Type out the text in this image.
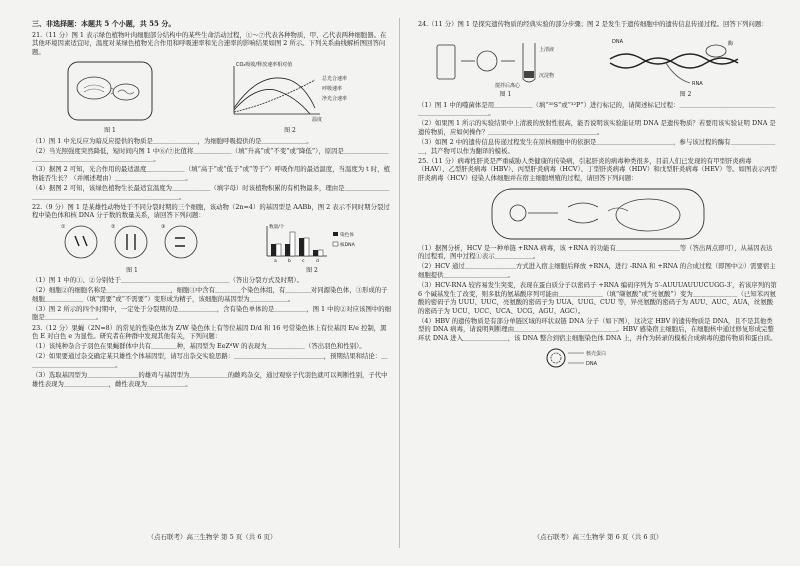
三、非选择题：本题共 5 个小题，共 55 分。

21.（11 分）图 1 表示绿色植物叶肉细胞部分结构中的某些生命活动过程，①～⑦代表各种物质，甲、乙代表两种细胞器。在其他环境因素适宜时，温度对某绿色植物光合作用和呼吸速率和光合速率的影响结果如图 2 所示。下列关系曲线解析图回答问题。

图 1
CO₂吸收/释放速率相对值
总光合速率
呼吸速率
净光合速率
温度
图 2

（1）图 1 中光反应为暗反应提供的物质是＿＿＿＿＿＿＿，为细胞呼吸提供的是＿＿＿＿＿＿＿。

（2）当光照强度突然降低，短时间内图 1 中⑥/⑦比值将＿＿＿＿＿＿（填“升高”或“不变”或“降低”），原因是＿＿＿＿＿＿＿＿＿＿＿＿＿＿＿＿＿＿＿＿＿＿＿＿＿＿。

（3）据图 2 可知，光合作用的最适温度＿＿＿＿＿＿（填“高于”或“低于”或“等于”）呼吸作用的最适温度，当温度为 t 时，植物能否生长？（并阐述理由）＿＿＿＿＿＿＿＿＿＿＿。

（4）据图 2 可知，该绿色植物生长最适宜温度为＿＿＿＿＿＿（填字母）时该植物积累的有机物最多，理由是＿＿＿＿＿＿＿＿＿＿＿＿＿＿＿＿＿＿＿＿＿＿＿＿＿＿＿＿＿＿。

22.（9 分）图 1 是某雄性动物处于不同分裂时期的三个细胞，该动物（2n=4）的基因型是 AABb，图 2 表示不同时期分裂过程中染色体和核 DNA 分子数的数量关系，请回答下列问题：

①	②	③
图 1
数量/个
a b c d
染色体
核DNA
图 2

（1）图 1 中的①、②分别处于＿＿＿＿＿＿＿＿＿＿＿＿＿＿＿＿＿（答出分裂方式及时期）。

（2）细胞②的细胞名称是＿＿＿＿＿＿＿＿＿＿，细胞③中含有＿＿＿＿个染色体组，有＿＿＿＿对同源染色体，③形成的子细胞＿＿＿＿＿＿（填“需要”或“不需要”）变形成为精子，该细胞的基因型为＿＿＿＿＿＿。

（3）图 2 所示的四个时期中，一定处于分裂期的是＿＿＿＿＿＿，含有染色单体的是＿＿＿＿＿，图 1 中的②对应该图中的细胞是＿＿＿＿＿＿＿＿。

23.（12 分）果蝇（2N=8）的常见的性染色体为 Z/W 染色体上有等位基因 D/d 和 16 号常染色体上有位基因 E/e 控制，黑色 E 对白色 e 为显性。研究者在种群中发现其他有关，下列问题：

（1）该纯种杂合子羽色在果蝇群体中共有＿＿＿＿种，基因型为 EeZᵈW 的表现为＿＿＿＿＿＿（答出羽色和性别）。

（2）如果要通过杂交确定某只雄性个体基因型，请写出杂交实验思路：＿＿＿＿＿＿＿＿＿＿＿＿＿＿，预期结果和结论：＿＿＿＿＿＿＿＿＿＿＿＿＿＿。

（3）选取基因型为＿＿＿＿＿＿＿＿的雄鸡与基因型为＿＿＿＿＿＿的雌鸡杂交，通过观察子代羽色就可以判断性别，子代中雄性表现为＿＿＿＿＿＿＿，雌性表现为＿＿＿＿＿＿。

（点石联考）高三生物学 第 5 页（共 6 页）

24.（11 分）图 1 是探究遗传物质的经典实验的部分步骤；图 2 是发生于遗传细胞中的遗传信息传递过程。回答下列问题：

上清液
沉淀物
搅拌后离心
图 1
DNA
RNA
酶
图 2

（1）图 1 中的噬菌体是用＿＿＿＿＿＿（填“³⁵S”或“³²P”）进行标记的，请简述标记过程：＿＿＿＿＿＿＿＿＿＿＿＿＿＿＿＿＿＿＿＿＿＿＿＿＿＿。

（2）如果图 1 所示的实验结果中上清液的放射性很高，能否说明该实验能证明 DNA 是遗传物质？若要用该实验证明 DNA 是遗传物质，应如何操作？＿＿＿＿＿＿＿＿＿＿＿＿＿＿＿＿＿。

（3）如图 2 中的遗传信息传递过程发生在原核细胞中的依据是＿＿＿＿＿＿＿＿＿＿＿＿，参与该过程的酶有＿＿＿＿＿＿＿＿，其产物可以作为翻译的模板。

25.（11 分）病毒性肝炎是严重威胁人类健康的传染病，引起肝炎的病毒种类很多，目前人们已发现的有甲型肝炎病毒（HAV）、乙型肝炎病毒（HBV）、丙型肝炎病毒（HCV）、丁型肝炎病毒（HDV）和戊型肝炎病毒（HEV）等。如图表示丙型肝炎病毒（HCV）侵染人体细胞并在宿主细胞增殖的过程，请回答下列问题：

（1）据图分析，HCV 是一种单链 +RNA 病毒，该 +RNA 的功能有＿＿＿＿＿＿＿＿＿＿等（答出两点即可），从基因表达的过程看，图中过程①表示＿＿＿＿＿＿。

（2）HCV 通过＿＿＿＿＿＿＿＿方式进入宿主细胞后释放 +RNA，进行 -RNA 和 +RNA 的合成过程（即图中②）需要宿主细胞提供＿＿＿＿＿＿＿＿＿＿。

（3）HCV-RNA 较容易发生突变，表现在蛋白质分子以密码子 +RNA 编码序列为 5′-AUUUAUUUCUGG-3′，若该序列的第 6 个碱基发生了改变，则多肽的氨基酸序列可能由＿＿＿＿＿＿＿（填“缬氨酸”或“亮氨酸”）变为＿＿＿＿＿＿＿（已知苯丙氨酸的密码子为 UUU、UUC，亮氨酸的密码子为 UUA、UUG、CUU 等，异亮氨酸的密码子为 AUU、AUC、AUA，丝氨酸的密码子为 UCU、UCC、UCA、UCG、AGU、AGC）。

（4）HBV 的遗传物质是有部分单链区域的环状双链 DNA 分子（如下图），这决定 HBV 的遗传物质是 DNA，且不是其他类型的 DNA 病毒，请说明判断理由＿＿＿＿＿＿＿＿＿＿＿＿＿＿＿＿。HBV 感染宿主细胞后，在细胞核中通过修复形成完整环状 DNA 进入＿＿＿＿＿＿＿，该 DNA 整合到宿主细胞染色体 DNA 上，并作为转录的模板合成病毒的遗传物质和蛋白质。

核壳蛋白
DNA
（点石联考）高三生物学 第 6 页（共 6 页）
